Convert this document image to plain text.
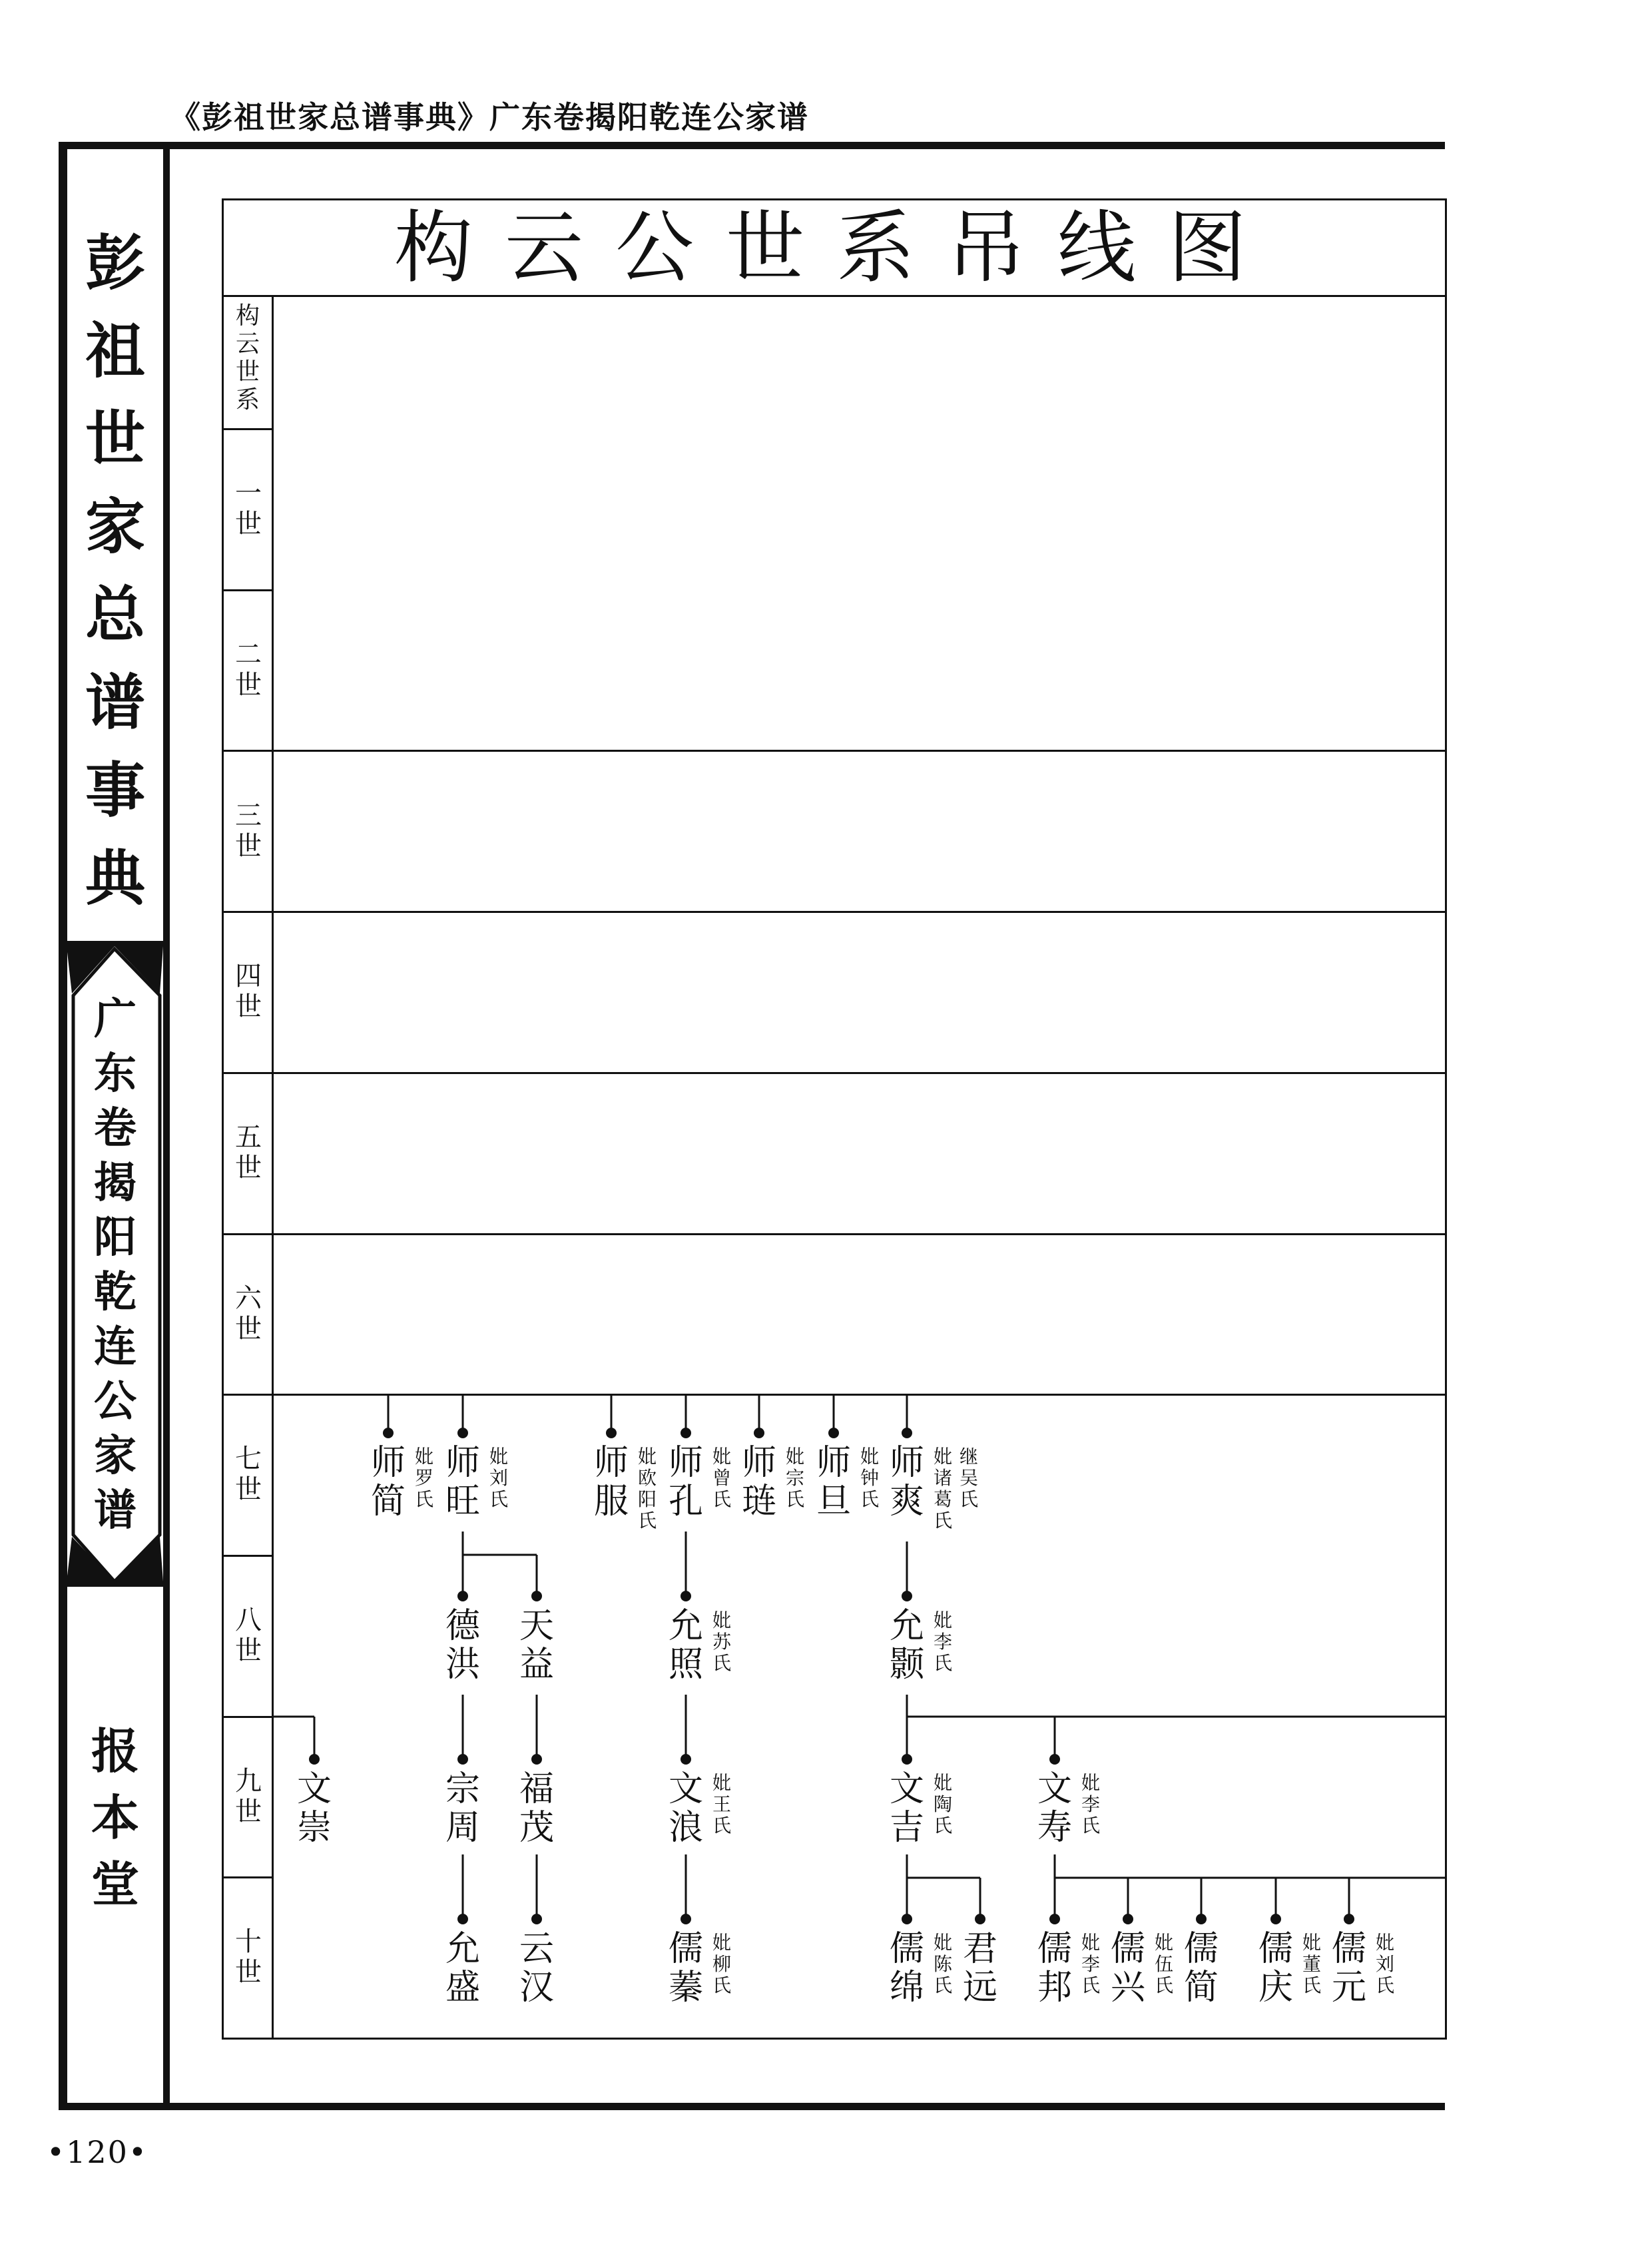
《彭祖世家总谱事典》广东卷揭阳乾连公家谱
彭祖世家总谱事典
广东卷揭阳乾连公家谱
报本堂
构云公世系吊线图
构云世系
一世
二世
三世
四世
五世
六世
七世
八世
九世
十世
师简
妣罗氏
师旺
妣刘氏
师服
妣欧阳氏
师孔
妣曾氏
师琏
妣宗氏
师旦
妣钟氏
师爽
妣诸葛氏
继吴氏
德洪
天益
允照
妣苏氏
允颢
妣李氏
文崇
宗周
福茂
文浪
妣王氏
文吉
妣陶氏
文寿
妣李氏
允盛
云汉
儒蓁
妣柳氏
儒绵
妣陈氏
君远
儒邦
妣李氏
儒兴
妣伍氏
儒简
儒庆
妣董氏
儒元
妣刘氏
•120•
